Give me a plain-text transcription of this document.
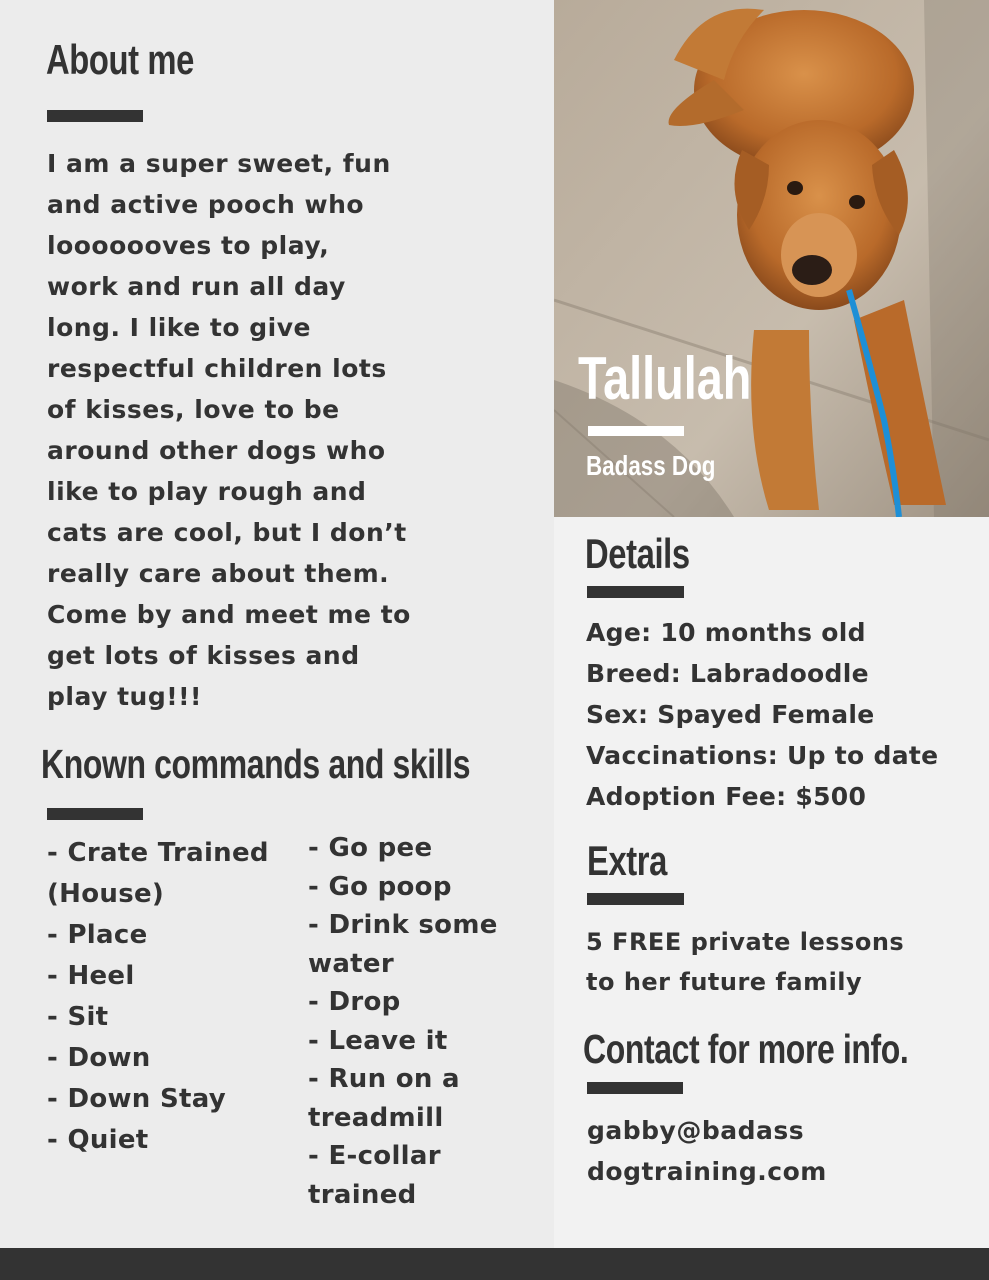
About me

I am a super sweet, fun
and active pooch who
looooooves to play,
work and run all day
long. I like to give
respectful children lots
of kisses, love to be
around other dogs who
like to play rough and
cats are cool, but I don’t
really care about them.
Come by and meet me to
get lots of kisses and
play tug!!!

Known commands and skills
- Crate Trained
(House)
- Place
- Heel
- Sit
- Down
- Down Stay
- Quiet
- Go pee
- Go poop
- Drink some
water
- Drop
- Leave it
- Run on a
treadmill
- E-collar
trained
Tallulah

Badass Dog

Details
Age: 10 months old
Breed: Labradoodle
Sex: Spayed Female
Vaccinations: Up to date
Adoption Fee: $500
Extra

5 FREE private lessons
to her future family

Contact for more info.

gabby@badass
dogtraining.com
